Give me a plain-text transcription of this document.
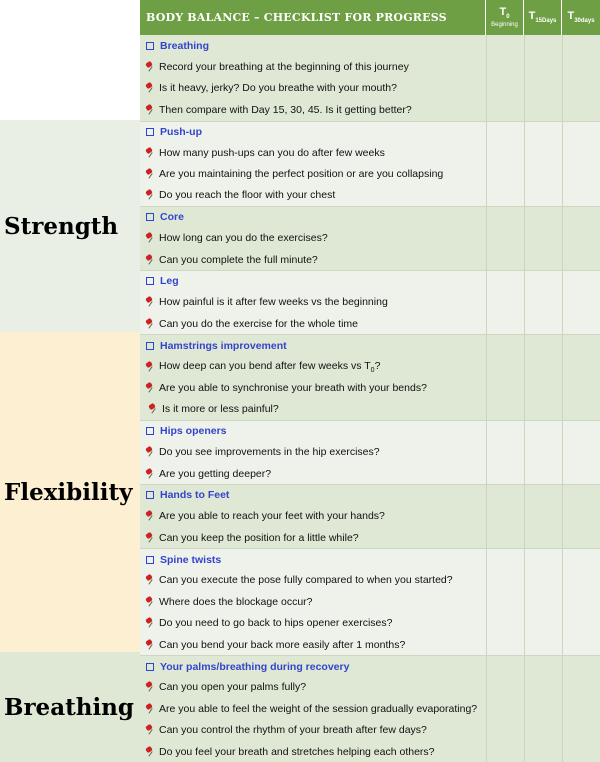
BODY BALANCE – CHECKLIST FOR PROGRESS	$T_0$
Beginning
$T_{15Days}$ $T_{30days}$
Strength
Flexibility
Breathing
Breathing
Record your breathing at the beginning of this journey
Is it heavy, jerky? Do you breathe with your mouth?
Then compare with Day 15, 30, 45. Is it getting better?
Push-up
How many push-ups can you do after few weeks
Are you maintaining the perfect position or are you collapsing
Do you reach the floor with your chest
Core
How long can you do the exercises?
Can you complete the full minute?
Leg
How painful is it after few weeks vs the beginning
Can you do the exercise for the whole time
Hamstrings improvement
How deep can you bend after few weeks vs $T_0$?
Are you able to synchronise your breath with your bends?
Is it more or less painful?
Hips openers
Do you see improvements in the hip exercises?
Are you getting deeper?
Hands to Feet
Are you able to reach your feet with your hands?
Can you keep the position for a little while?
Spine twists
Can you execute the pose fully compared to when you started?
Where does the blockage occur?
Do you need to go back to hips opener exercises?
Can you bend your back more easily after 1 months?
Your palms/breathing during recovery
Can you open your palms fully?
Are you able to feel the weight of the session gradually evaporating?
Can you control the rhythm of your breath after few days?
Do you feel your breath and stretches helping each others?
